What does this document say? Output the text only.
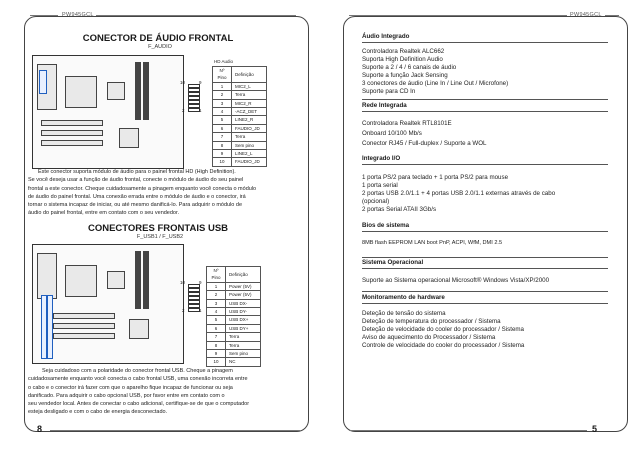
PW945GCL
CONECTOR DE ÁUDIO FRONTAL
F_AUDIO
10	9
2	1
HD Audio
Nº Pino	Definição
1	MIC2_L
2	Terra
3	MIC2_R
4	-ACZ_DET
5	LINE2_R
6	FAUDIO_JD
7	Terra
8	Sem pino
9	LINE2_L
10	FAUDIO_JD
Este conector suporta módulo de áudio para o painel frontal HD (High Definition).
Se você deseja usar a função de áudio frontal, conecte o módulo de áudio do seu painel
frontal a este conector. Cheque cuidadosamente a pinagem enquanto você conecta o módulo
de áudio do painel frontal. Uma conexão errada entre o módulo de áudio e o conector, irá
tornar o sistema incapaz de iniciar, ou até mesmo danificá-lo. Para adquirir o módulo de
áudio do painel frontal, entre em contato com o seu vendedor.
CONECTORES FRONTAIS USB
F_USB1 / F_USB2
10	9
2	1
Nº Pino	Definição
1	Power (5V)
2	Power (5V)
3	USB DX-
4	USB DY-
5	USB DX+
6	USB DY+
7	Terra
8	Terra
9	Sem pino
10	NC
Seja cuidadoso com a polaridade do conector frontal USB. Cheque a pinagem
cuidadosamente enquanto você conecta o cabo frontal USB, uma conexão incorreta entre
o cabo e o conector irá fazer com que o aparelho fique incapaz de funcionar ou seja
danificado. Para adquirir o cabo opcional USB, por favor entre em contato com o
seu vendedor local. Antes de conectar o cabo adicional, certifique-se de que o computador
esteja desligado e com o cabo de energia desconectado.
8
PW945GCL
5
Áudio Integrado
Controladora Realtek ALC662
Suporta High Definition Audio
Suporte a 2 / 4 / 6 canais de áudio
Suporte a função Jack Sensing
3 conectores de áudio (Line In / Line Out / Microfone)
Suporte para CD In
Rede Integrada
Controladora Realtek RTL8101E
Onboard 10/100 Mb/s
Conector RJ45 / Full-duplex / Suporte a WOL
Integrado I/O
1 porta PS/2 para teclado + 1 porta PS/2 para mouse
1 porta serial
2 portas USB 2.0/1.1 + 4 portas USB 2.0/1.1 externas através de cabo
(opcional)
2 portas Serial ATAII 3Gb/s
Bios de sistema
8MB flash EEPROM LAN boot PnP, ACPI, WfM, DMI 2.5
Sistema Operacional
Suporte ao Sistema operacional Microsoft® Windows Vista/XP/2000
Monitoramento de hardware
Deteção de tensão do sistema
Deteção de temperatura do processador / Sistema
Deteção de velocidade do cooler do processador / Sistema
Aviso de aquecimento do Processador / Sistema
Controle de velocidade do cooler do processador / Sistema
